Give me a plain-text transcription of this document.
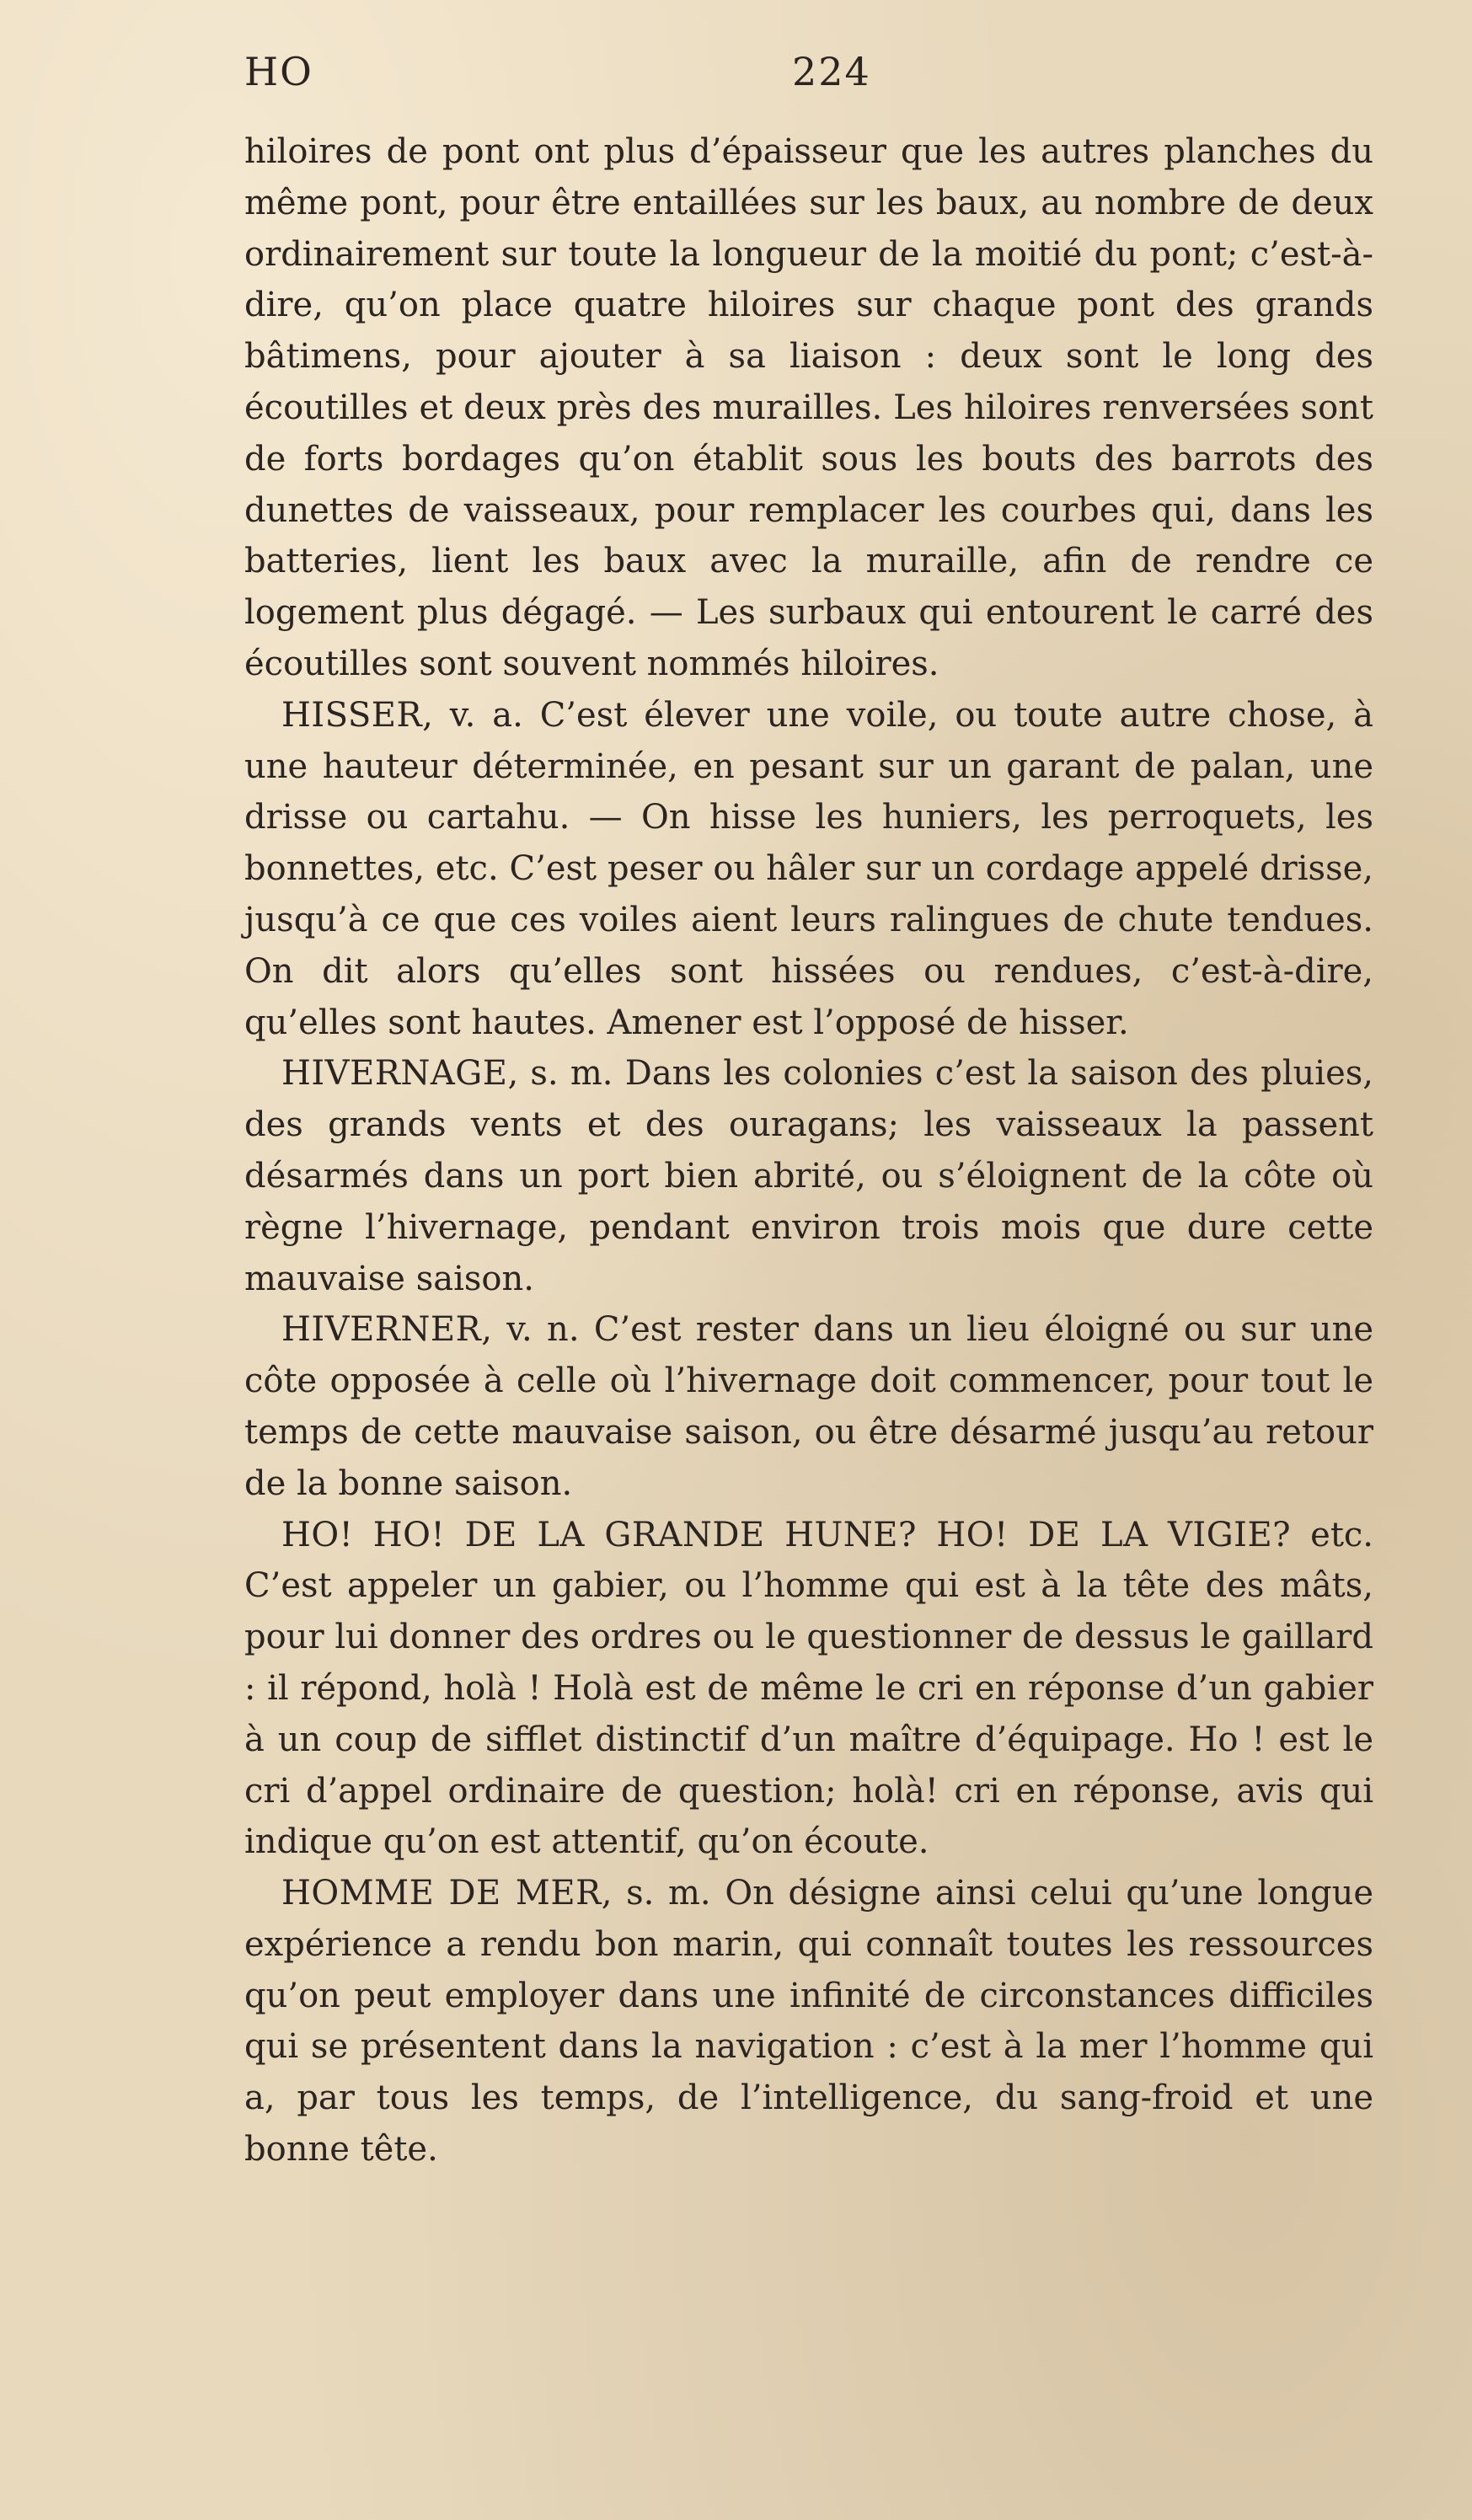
HO	224

hiloires de pont ont plus d’épaisseur que les autres planches du même pont, pour être entaillées sur les baux, au nombre de deux ordinairement sur toute la longueur de la moitié du pont; c’est-à-dire, qu’on place quatre hiloires sur chaque pont des grands bâtimens, pour ajouter à sa liaison : deux sont le long des écoutilles et deux près des murailles. Les hiloires renversées sont de forts bordages qu’on établit sous les bouts des barrots des dunettes de vaisseaux, pour remplacer les courbes qui, dans les batteries, lient les baux avec la muraille, afin de rendre ce logement plus dégagé. — Les surbaux qui entourent le carré des écoutilles sont souvent nommés hiloires.

HISSER, v. a. C’est élever une voile, ou toute autre chose, à une hauteur déterminée, en pesant sur un garant de palan, une drisse ou cartahu. — On hisse les huniers, les perroquets, les bonnettes, etc. C’est peser ou hâler sur un cordage appelé drisse, jusqu’à ce que ces voiles aient leurs ralingues de chute tendues. On dit alors qu’elles sont hissées ou rendues, c’est-à-dire, qu’elles sont hautes. Amener est l’opposé de hisser.

HIVERNAGE, s. m. Dans les colonies c’est la saison des pluies, des grands vents et des ouragans; les vaisseaux la passent désarmés dans un port bien abrité, ou s’éloignent de la côte où règne l’hivernage, pendant environ trois mois que dure cette mauvaise saison.

HIVERNER, v. n. C’est rester dans un lieu éloigné ou sur une côte opposée à celle où l’hivernage doit commencer, pour tout le temps de cette mauvaise saison, ou être désarmé jusqu’au retour de la bonne saison.

HO! HO! DE LA GRANDE HUNE? HO! DE LA VIGIE? etc. C’est appeler un gabier, ou l’homme qui est à la tête des mâts, pour lui donner des ordres ou le questionner de dessus le gaillard : il répond, holà ! Holà est de même le cri en réponse d’un gabier à un coup de sifflet distinctif d’un maître d’équipage. Ho ! est le cri d’appel ordinaire de question; holà! cri en réponse, avis qui indique qu’on est attentif, qu’on écoute.

HOMME DE MER, s. m. On désigne ainsi celui qu’une longue expérience a rendu bon marin, qui connaît toutes les ressources qu’on peut employer dans une infinité de circonstances difficiles qui se présentent dans la navigation : c’est à la mer l’homme qui a, par tous les temps, de l’intelligence, du sang-froid et une bonne tête.
